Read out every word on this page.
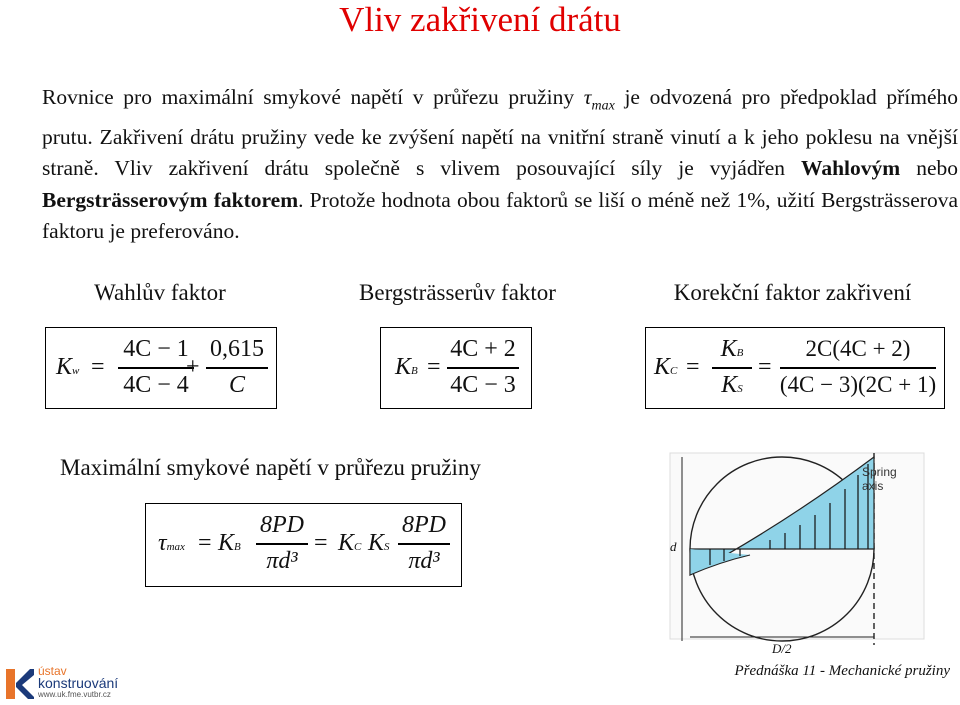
Vliv zakřivení drátu
Rovnice pro maximální smykové napětí v průřezu pružiny $\tau_{max}$ je odvozená pro předpoklad přímého prutu. Zakřivení drátu pružiny vede ke zvýšení napětí na vnitřní straně vinutí a k jeho poklesu na vnější straně. Vliv zakřivení drátu společně s vlivem posouvající síly je vyjádřen Wahlovým nebo Bergsträsserovým faktorem. Protože hodnota obou faktorů se liší o méně než 1%, užití Bergsträsserova faktoru je preferováno.
Wahlův faktor	Bergsträsserův faktor	Korekční faktor zakřivení
Kw =
4C − 1
4C − 4
+
0,615
C
KB =
4C + 2
4C − 3
KC =
KB
KS
=
2C(4C + 2)
(4C − 3)(2C + 1)
Maximální smykové napětí v průřezu pružiny
τmax = KB
8PD
πd³
= KC KS
8PD
πd³
Spring
axis
d
D/2
ústav
konstruování
www.uk.fme.vutbr.cz
Přednáška 11 - Mechanické pružiny
